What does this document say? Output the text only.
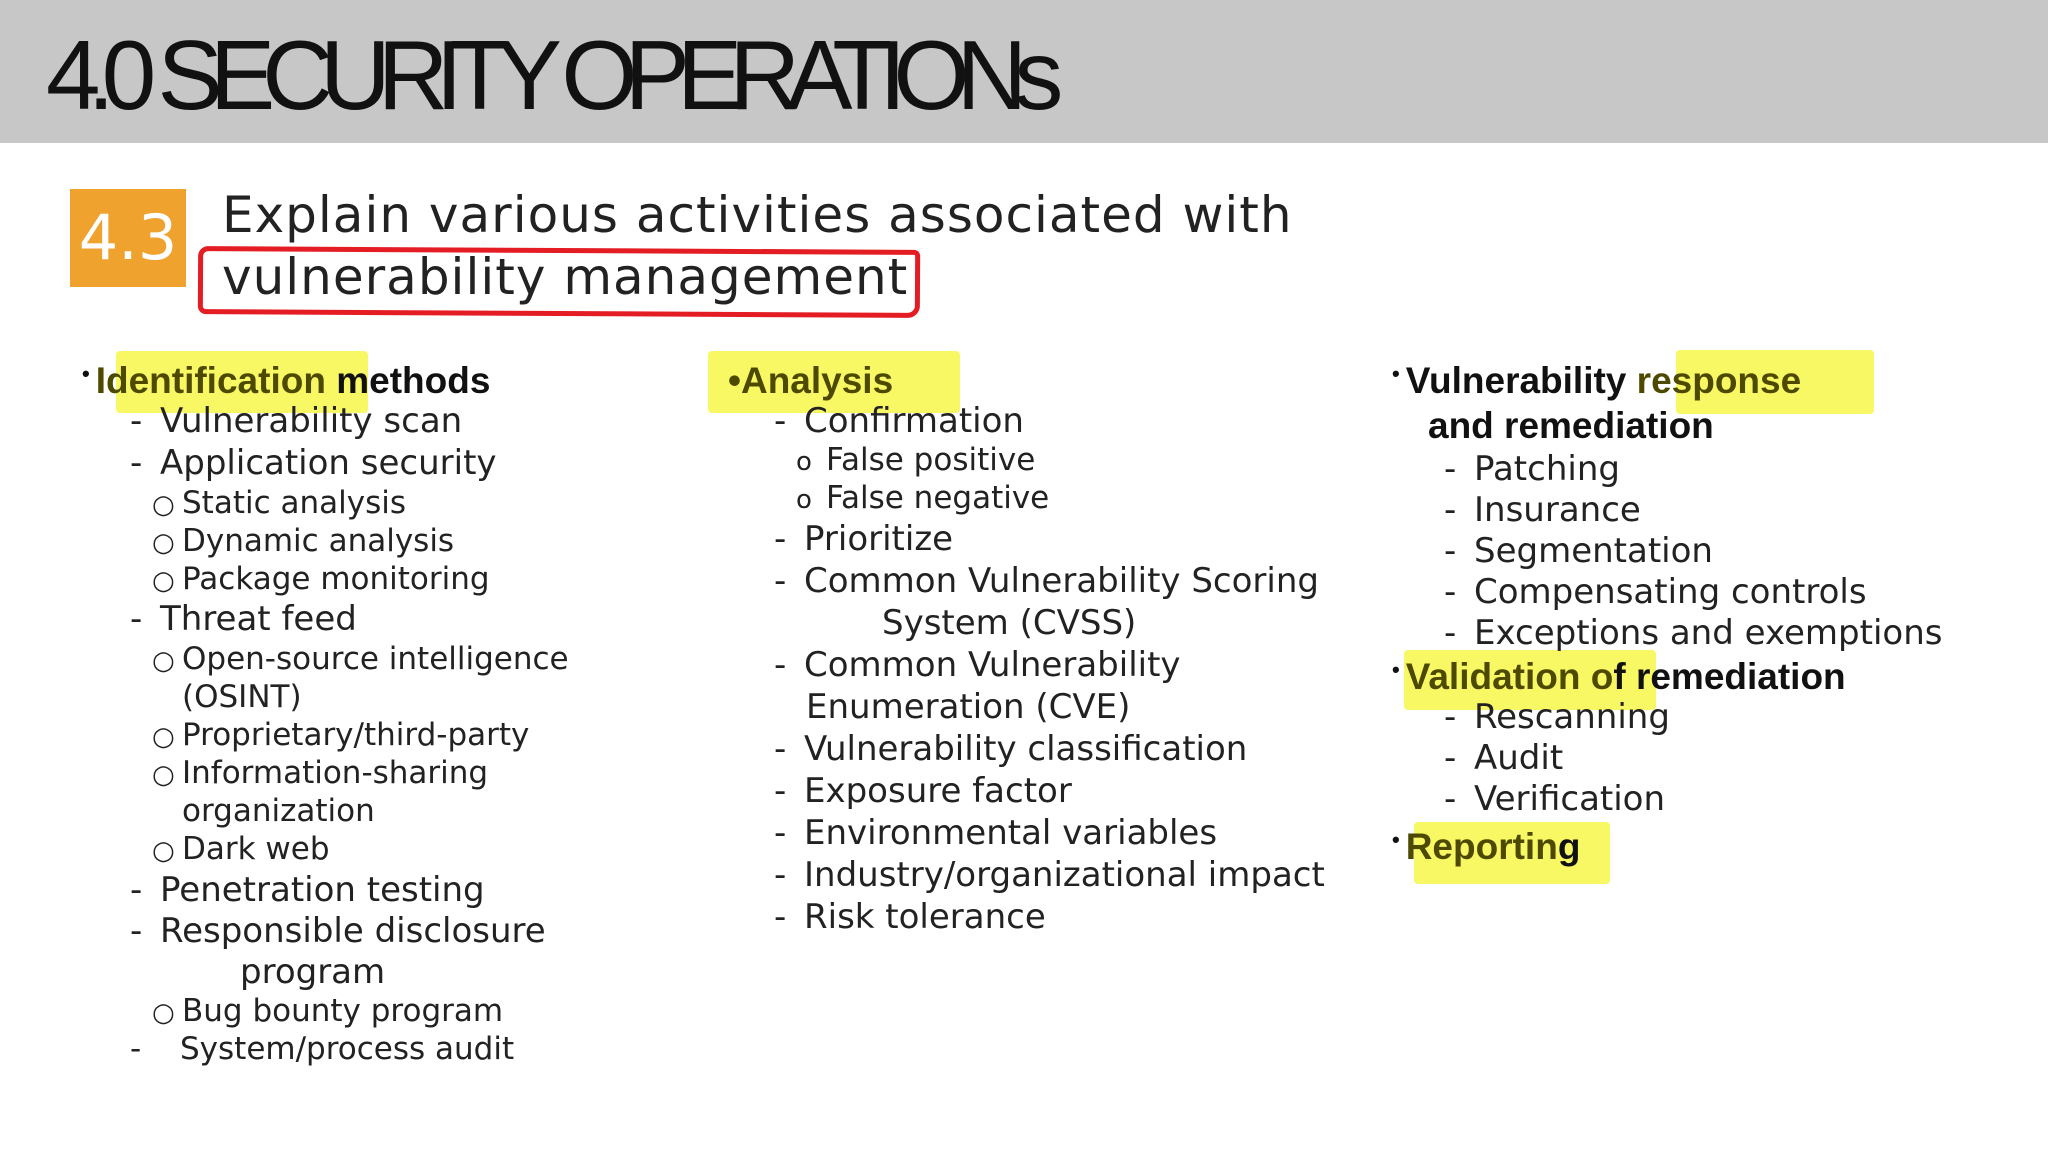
4.0 SECURITY OPERATIONs
4.3 Explain various activities associated with
vulnerability management
• Identification methods
- Vulnerability scan
- Application security
○ Static analysis
○ Dynamic analysis
○ Package monitoring
- Threat feed
○ Open-source intelligence
(OSINT)
○ Proprietary/third-party
○ Information-sharing
organization
○ Dark web
- Penetration testing
- Responsible disclosure
program
○ Bug bounty program
- System/process audit
•Analysis
- Confirmation
o False positive
o False negative
- Prioritize
- Common Vulnerability Scoring
System (CVSS)
- Common Vulnerability
Enumeration (CVE)
- Vulnerability classification
- Exposure factor
- Environmental variables
- Industry/organizational impact
- Risk tolerance
• Vulnerability response
and remediation
- Patching
- Insurance
- Segmentation
- Compensating controls
- Exceptions and exemptions
• Validation of remediation
- Rescanning
- Audit
- Verification
• Reporting
